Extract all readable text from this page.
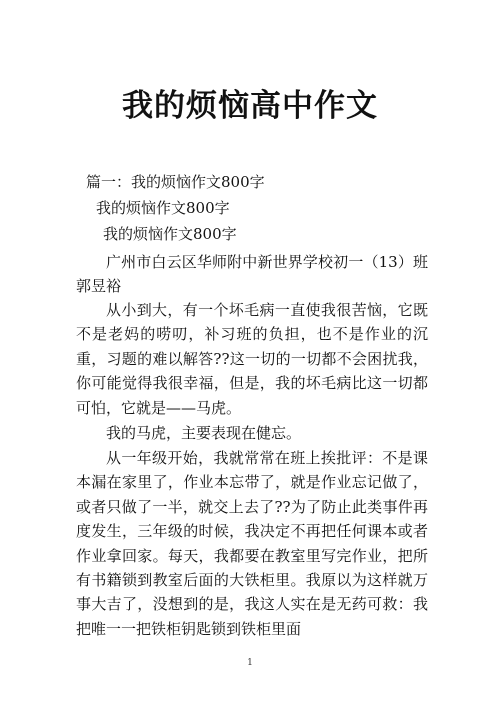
我的烦恼高中作文
篇一：我的烦恼作文800字
我的烦恼作文800字
我的烦恼作文800字
广州市白云区华师附中新世界学校初一（13）班　郭昱裕
从小到大，有一个坏毛病一直使我很苦恼，它既不是老妈的唠叨，补习班的负担，也不是作业的沉重，习题的难以解答??这一切的一切都不会困扰我，你可能觉得我很幸福，但是，我的坏毛病比这一切都可怕，它就是——马虎。
我的马虎，主要表现在健忘。
从一年级开始，我就常常在班上挨批评：不是课本漏在家里了，作业本忘带了，就是作业忘记做了，或者只做了一半，就交上去了??为了防止此类事件再度发生，三年级的时候，我决定不再把任何课本或者作业拿回家。每天，我都要在教室里写完作业，把所有书籍锁到教室后面的大铁柜里。我原以为这样就万事大吉了，没想到的是，我这人实在是无药可救：我把唯一一把铁柜钥匙锁到铁柜里面
1
